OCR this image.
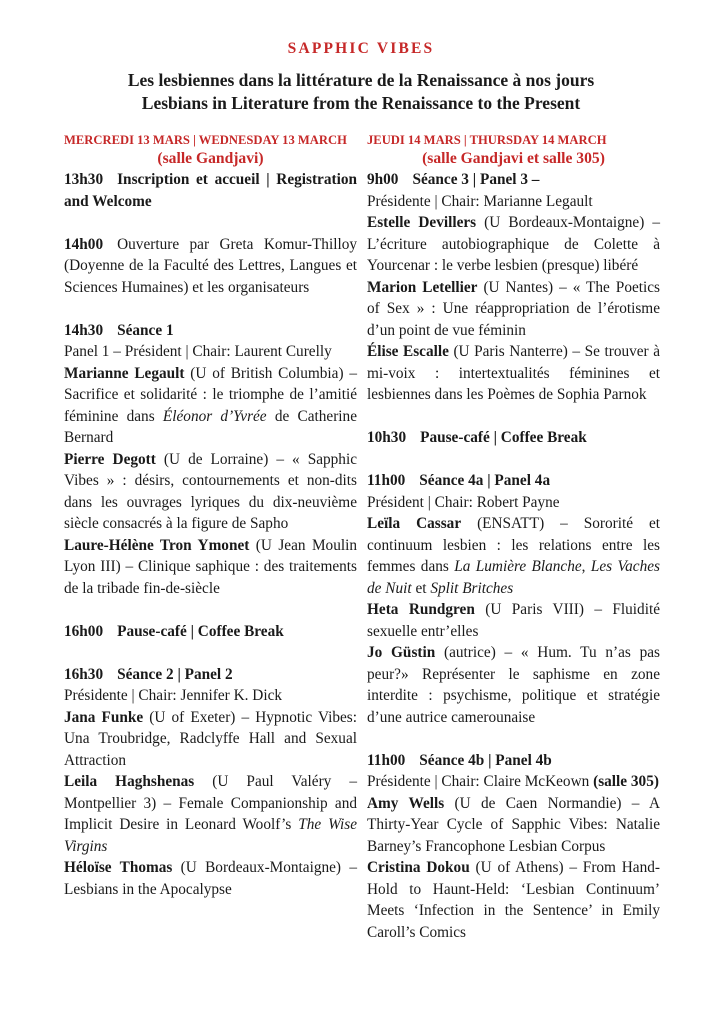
SAPPHIC VIBES
Les lesbiennes dans la littérature de la Renaissance à nos jours
Lesbians in Literature from the Renaissance to the Present
MERCREDI 13 MARS | WEDNESDAY 13 MARCH
(salle Gandjavi)

13h30 Inscription et accueil | Registration and Welcome

14h00 Ouverture par Greta Komur-Thilloy (Doyenne de la Faculté des Lettres, Langues et Sciences Humaines) et les organisateurs

14h30 Séance 1

Panel 1 – Président | Chair: Laurent Curelly

Marianne Legault (U of British Columbia) – Sacrifice et solidarité : le triomphe de l’amitié féminine dans Éléonor d’Yvrée de Catherine Bernard

Pierre Degott (U de Lorraine) – « Sapphic Vibes » : désirs, contournements et non-dits dans les ouvrages lyriques du dix-neuvième siècle consacrés à la figure de Sapho

Laure-Hélène Tron Ymonet (U Jean Moulin Lyon III) – Clinique saphique : des traitements de la tribade fin-de-siècle

16h00 Pause-café | Coffee Break

16h30 Séance 2 | Panel 2

Présidente | Chair: Jennifer K. Dick

Jana Funke (U of Exeter) – Hypnotic Vibes: Una Troubridge, Radclyffe Hall and Sexual Attraction

Leila Haghshenas (U Paul Valéry – Montpellier 3) – Female Companionship and Implicit Desire in Leonard Woolf’s The Wise Virgins

Héloïse Thomas (U Bordeaux-Montaigne) – Lesbians in the Apocalypse

JEUDI 14 MARS | THURSDAY 14 MARCH
(salle Gandjavi et salle 305)

9h00 Séance 3 | Panel 3 –

Présidente | Chair: Marianne Legault

Estelle Devillers (U Bordeaux-Montaigne) – L’écriture autobiographique de Colette à Yourcenar : le verbe lesbien (presque) libéré

Marion Letellier (U Nantes) – « The Poetics of Sex » : Une réappropriation de l’érotisme d’un point de vue féminin

Élise Escalle (U Paris Nanterre) – Se trouver à mi-voix : intertextualités féminines et lesbiennes dans les Poèmes de Sophia Parnok

10h30 Pause-café | Coffee Break

11h00 Séance 4a | Panel 4a

Président | Chair: Robert Payne

Leïla Cassar (ENSATT) – Sororité et continuum lesbien : les relations entre les femmes dans La Lumière Blanche, Les Vaches de Nuit et Split Britches

Heta Rundgren (U Paris VIII) – Fluidité sexuelle entr’elles

Jo Güstin (autrice) – « Hum. Tu n’as pas peur?» Représenter le saphisme en zone interdite : psychisme, politique et stratégie d’une autrice camerounaise

11h00 Séance 4b | Panel 4b

Présidente | Chair: Claire McKeown (salle 305)

Amy Wells (U de Caen Normandie) – A Thirty-Year Cycle of Sapphic Vibes: Natalie Barney’s Francophone Lesbian Corpus

Cristina Dokou (U of Athens) – From Hand-Hold to Haunt-Held: ‘Lesbian Continuum’ Meets ‘Infection in the Sentence’ in Emily Caroll’s Comics
